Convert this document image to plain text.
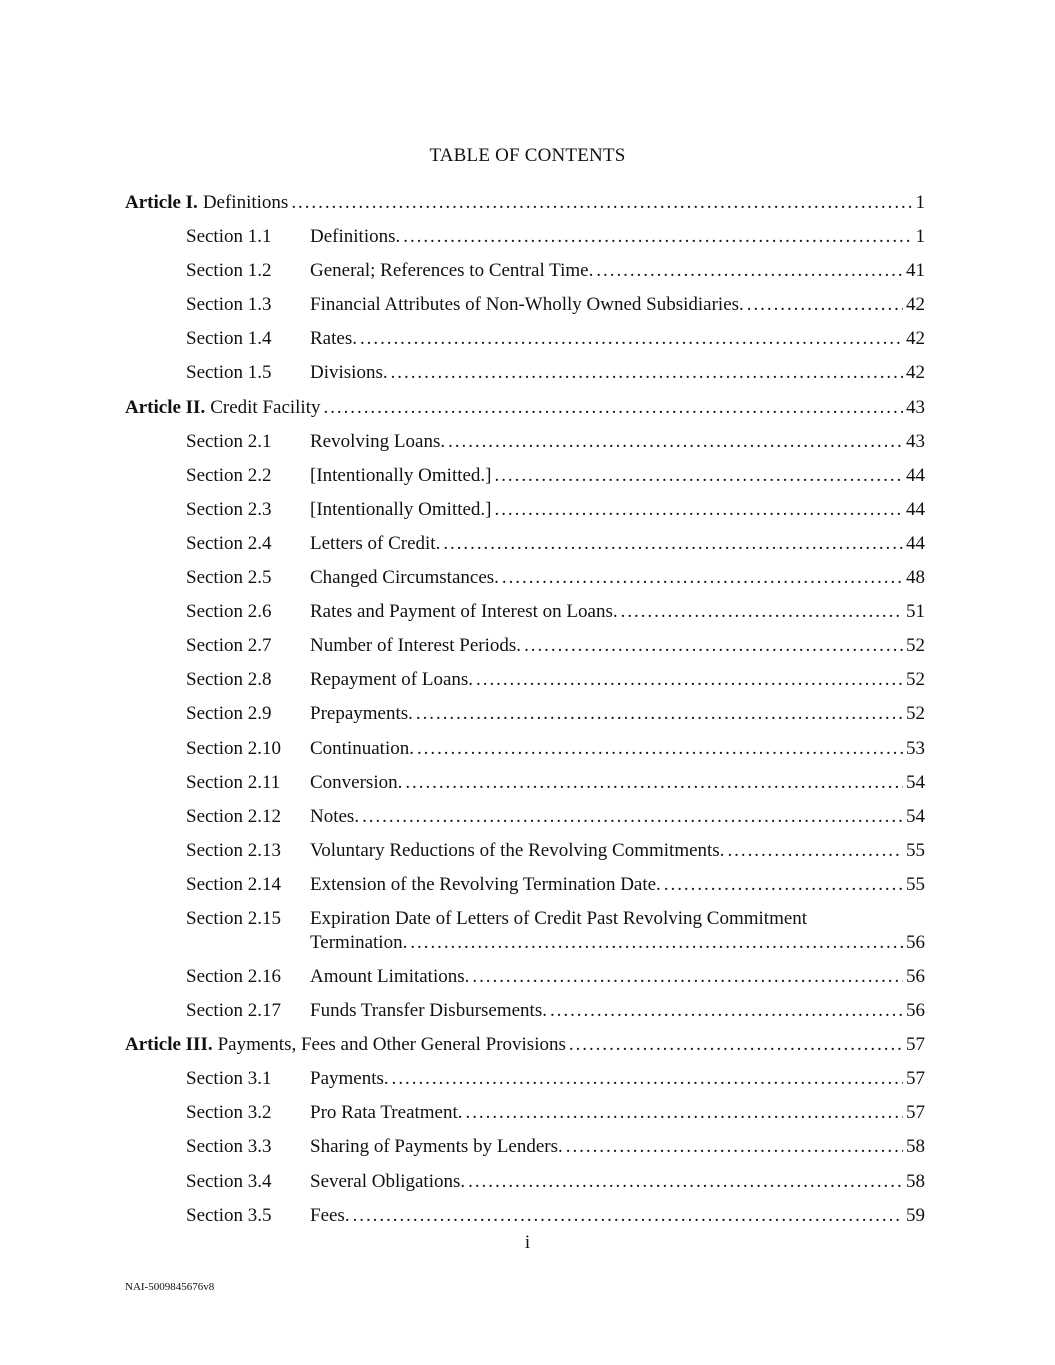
TABLE OF CONTENTS
Article I. Definitions . . .	1
Section 1.1	Definitions. . . .	1
Section 1.2	General; References to Central Time. . . .	41
Section 1.3	Financial Attributes of Non-Wholly Owned Subsidiaries. . . .	42
Section 1.4	Rates. . . .	42
Section 1.5	Divisions. . . .	42
Article II. Credit Facility . . .	43
Section 2.1	Revolving Loans. . . .	43
Section 2.2	[Intentionally Omitted.] . . .	44
Section 2.3	[Intentionally Omitted.] . . .	44
Section 2.4	Letters of Credit. . . .	44
Section 2.5	Changed Circumstances. . . .	48
Section 2.6	Rates and Payment of Interest on Loans. . . .	51
Section 2.7	Number of Interest Periods. . . .	52
Section 2.8	Repayment of Loans. . . .	52
Section 2.9	Prepayments. . . .	52
Section 2.10	Continuation. . . .	53
Section 2.11	Conversion. . . .	54
Section 2.12	Notes. . . .	54
Section 2.13	Voluntary Reductions of the Revolving Commitments. . . .	55
Section 2.14	Extension of the Revolving Termination Date. . . .	55
Section 2.15	Expiration Date of Letters of Credit Past Revolving Commitment
Termination. . . .	56
Section 2.16	Amount Limitations. . . .	56
Section 2.17	Funds Transfer Disbursements. . . .	56
Article III. Payments, Fees and Other General Provisions . . .	57
Section 3.1	Payments. . . .	57
Section 3.2	Pro Rata Treatment. . . .	57
Section 3.3	Sharing of Payments by Lenders. . . .	58
Section 3.4	Several Obligations. . . .	58
Section 3.5	Fees. . . .	59
i
NAI-5009845676v8
